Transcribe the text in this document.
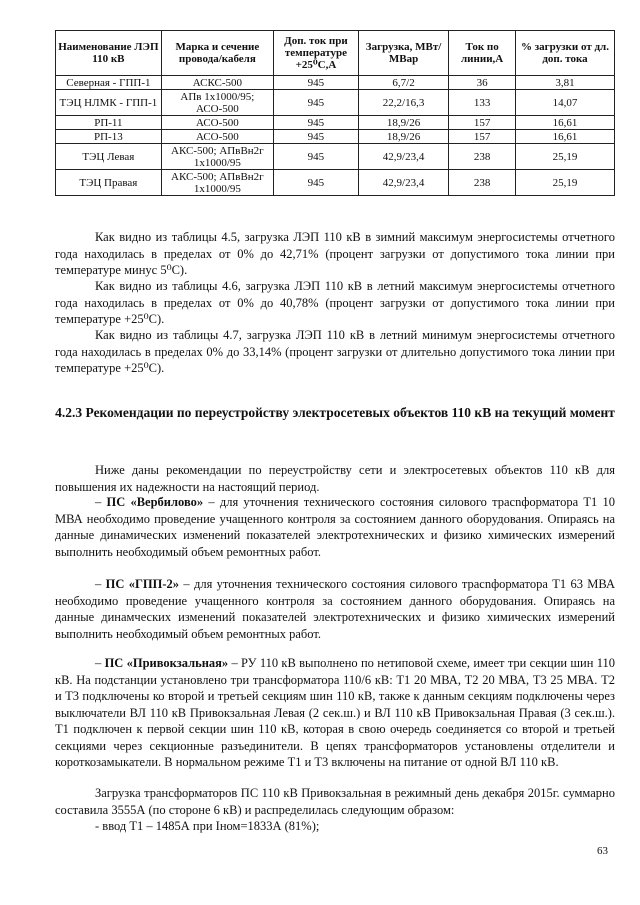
Наименование ЛЭП 110 кВ	Марка и сечение провода/кабеля	Доп. ток при температуре +25⁰С,А	Загрузка, МВт/МВар	Ток по линии,А	% загрузки от дл. доп. тока
Северная - ГПП-1	АСКС-500	945	6,7/2	36	3,81
ТЭЦ НЛМК - ГПП-1	АПв 1х1000/95; АСО-500	945	22,2/16,3	133	14,07
РП-11	АСО-500	945	18,9/26	157	16,61
РП-13	АСО-500	945	18,9/26	157	16,61
ТЭЦ Левая	АКС-500; АПвВн2г 1х1000/95	945	42,9/23,4	238	25,19
ТЭЦ Правая	АКС-500; АПвВн2г 1х1000/95	945	42,9/23,4	238	25,19

Как видно из таблицы 4.5, загрузка ЛЭП 110 кВ в зимний максимум энергосистемы отчетного года находилась в пределах от 0% до 42,71% (процент загрузки от допустимого тока линии при температуре минус 5⁰С).

Как видно из таблицы 4.6, загрузка ЛЭП 110 кВ в летний максимум энергосистемы отчетного года находилась в пределах от 0% до 40,78% (процент загрузки от допустимого тока линии при температуре +25⁰С).

Как видно из таблицы 4.7, загрузка ЛЭП 110 кВ в летний минимум энергосистемы отчетного года находилась в пределах 0% до 33,14% (процент загрузки от длительно допустимого тока линии при температуре +25⁰С).

4.2.3 Рекомендации по переустройству электросетевых объектов 110 кВ на текущий момент

Ниже даны рекомендации по переустройству сети и электросетевых объектов 110 кВ для повышения их надежности на настоящий период.

– ПС «Вербилово» – для уточнения технического состояния силового трасnформатора Т1 10 МВА необходимо проведение учащенного контроля за состоянием данного оборудования. Опираясь на данные динамических изменений показателей электротехнических и физико химических измерений выполнить необходимый объем ремонтных работ.

– ПС «ГПП-2» – для уточнения технического состояния силового трасnформатора Т1 63 МВА необходимо проведение учащенного контроля за состоянием данного оборудования. Опираясь на данные динамческих изменений показателей электротехнических и физико химических измерений выполнить необходимый объем ремонтных работ.

– ПС «Привокзальная» – РУ 110 кВ выполнено по нетиповой схеме, имеет три секции шин 110 кВ. На подстанции установлено три трансформатора 110/6 кВ: Т1 20 МВА, Т2 20 МВА, Т3 25 МВА. Т2 и Т3 подключены ко второй и третьей секциям шин 110 кВ, также к данным секциям подключены через выключатели ВЛ 110 кВ Привокзальная Левая (2 сек.ш.) и ВЛ 110 кВ Привокзальная Правая (3 сек.ш.). Т1 подключен к первой секции шин 110 кВ, которая в свою очередь соединяется со второй и третьей секциями через секционные разъединители. В цепях трансформаторов установлены отделители и короткозамыкатели. В нормальном режиме Т1 и Т3 включены на питание от одной ВЛ 110 кВ.

Загрузка трансформаторов ПС 110 кВ Привокзальная в режимный день декабря 2015г. суммарно составила 3555А (по стороне 6 кВ) и распределилась следующим образом:

- ввод Т1 – 1485А при Iном=1833А (81%);

63
